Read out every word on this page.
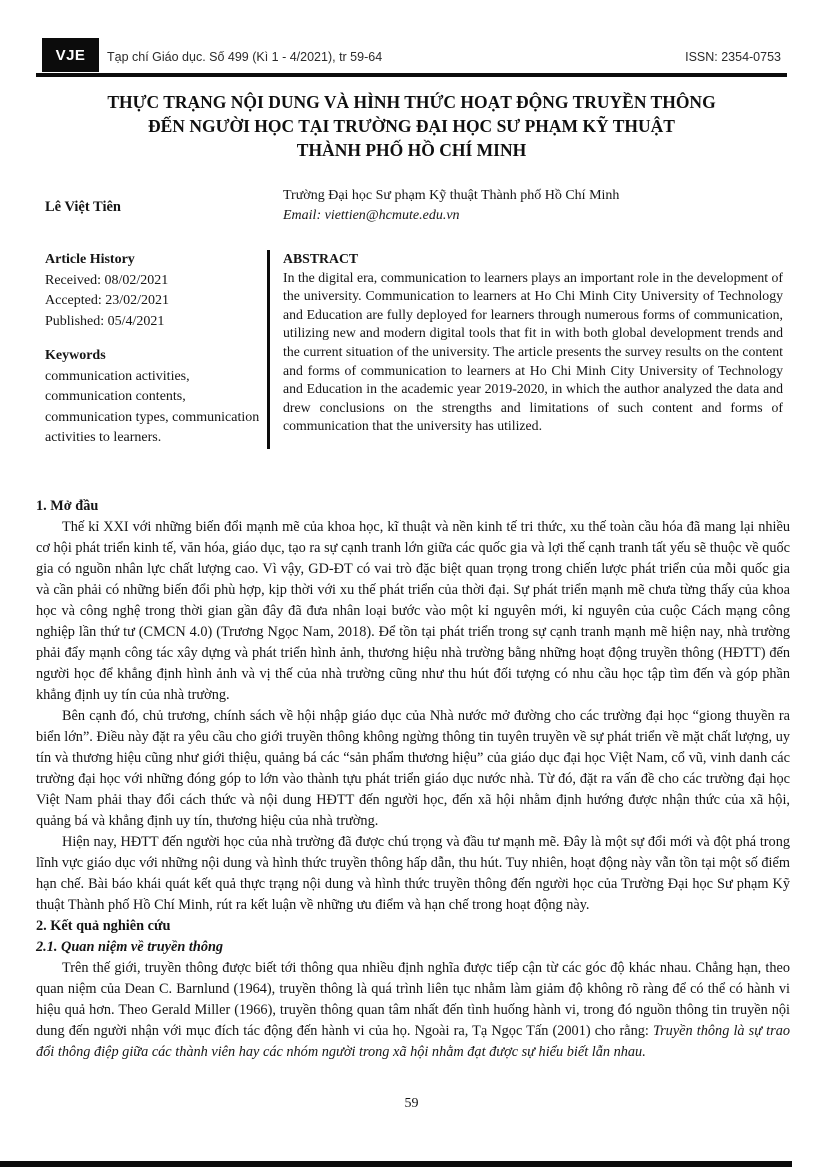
VJE Tạp chí Giáo dục. Số 499 (Kì 1 - 4/2021), tr 59-64	ISSN: 2354-0753
THỰC TRẠNG NỘI DUNG VÀ HÌNH THỨC HOẠT ĐỘNG TRUYỀN THÔNG
ĐẾN NGƯỜI HỌC TẠI TRƯỜNG ĐẠI HỌC SƯ PHẠM KỸ THUẬT
THÀNH PHỐ HỒ CHÍ MINH
Lê Việt Tiên
Trường Đại học Sư phạm Kỹ thuật Thành phố Hồ Chí Minh
Email: viettien@hcmute.edu.vn
Article History
Received: 08/02/2021
Accepted: 23/02/2021
Published: 05/4/2021
Keywords
communication activities, communication contents, communication types, communication activities to learners.
ABSTRACT
In the digital era, communication to learners plays an important role in the development of the university. Communication to learners at Ho Chi Minh City University of Technology and Education are fully deployed for learners through numerous forms of communication, utilizing new and modern digital tools that fit in with both global development trends and the current situation of the university. The article presents the survey results on the content and forms of communication to learners at Ho Chi Minh City University of Technology and Education in the academic year 2019-2020, in which the author analyzed the data and drew conclusions on the strengths and limitations of such content and forms of communication that the university has utilized.
1. Mở đầu

Thế kỉ XXI với những biến đổi mạnh mẽ của khoa học, kĩ thuật và nền kinh tế tri thức, xu thế toàn cầu hóa đã mang lại nhiều cơ hội phát triển kinh tế, văn hóa, giáo dục, tạo ra sự cạnh tranh lớn giữa các quốc gia và lợi thế cạnh tranh tất yếu sẽ thuộc về quốc gia có nguồn nhân lực chất lượng cao. Vì vậy, GD-ĐT có vai trò đặc biệt quan trọng trong chiến lược phát triển của mỗi quốc gia và cần phải có những biến đổi phù hợp, kịp thời với xu thế phát triển của thời đại. Sự phát triển mạnh mẽ chưa từng thấy của khoa học và công nghệ trong thời gian gần đây đã đưa nhân loại bước vào một kỉ nguyên mới, kỉ nguyên của cuộc Cách mạng công nghiệp lần thứ tư (CMCN 4.0) (Trương Ngọc Nam, 2018). Để tồn tại phát triển trong sự cạnh tranh mạnh mẽ hiện nay, nhà trường phải đẩy mạnh công tác xây dựng và phát triển hình ảnh, thương hiệu nhà trường bằng những hoạt động truyền thông (HĐTT) đến người học để khẳng định hình ảnh và vị thế của nhà trường cũng như thu hút đối tượng có nhu cầu học tập tìm đến và góp phần khẳng định uy tín của nhà trường.

Bên cạnh đó, chủ trương, chính sách về hội nhập giáo dục của Nhà nước mở đường cho các trường đại học “giong thuyền ra biển lớn”. Điều này đặt ra yêu cầu cho giới truyền thông không ngừng thông tin tuyên truyền về sự phát triển về mặt chất lượng, uy tín và thương hiệu cũng như giới thiệu, quảng bá các “sản phẩm thương hiệu” của giáo dục đại học Việt Nam, cổ vũ, vinh danh các trường đại học với những đóng góp to lớn vào thành tựu phát triển giáo dục nước nhà. Từ đó, đặt ra vấn đề cho các trường đại học Việt Nam phải thay đổi cách thức và nội dung HĐTT đến người học, đến xã hội nhằm định hướng được nhận thức của xã hội, quảng bá và khẳng định uy tín, thương hiệu của nhà trường.

Hiện nay, HĐTT đến người học của nhà trường đã được chú trọng và đầu tư mạnh mẽ. Đây là một sự đổi mới và đột phá trong lĩnh vực giáo dục với những nội dung và hình thức truyền thông hấp dẫn, thu hút. Tuy nhiên, hoạt động này vẫn tồn tại một số điểm hạn chế. Bài báo khái quát kết quả thực trạng nội dung và hình thức truyền thông đến người học của Trường Đại học Sư phạm Kỹ thuật Thành phố Hồ Chí Minh, rút ra kết luận về những ưu điểm và hạn chế trong hoạt động này.

2. Kết quả nghiên cứu
2.1. Quan niệm về truyền thông

Trên thế giới, truyền thông được biết tới thông qua nhiều định nghĩa được tiếp cận từ các góc độ khác nhau. Chẳng hạn, theo quan niệm của Dean C. Barnlund (1964), truyền thông là quá trình liên tục nhằm làm giảm độ không rõ ràng để có thể có hành vi hiệu quả hơn. Theo Gerald Miller (1966), truyền thông quan tâm nhất đến tình huống hành vi, trong đó nguồn thông tin truyền nội dung đến người nhận với mục đích tác động đến hành vi của họ. Ngoài ra, Tạ Ngọc Tấn (2001) cho rằng: Truyền thông là sự trao đổi thông điệp giữa các thành viên hay các nhóm người trong xã hội nhằm đạt được sự hiểu biết lẫn nhau.

59
